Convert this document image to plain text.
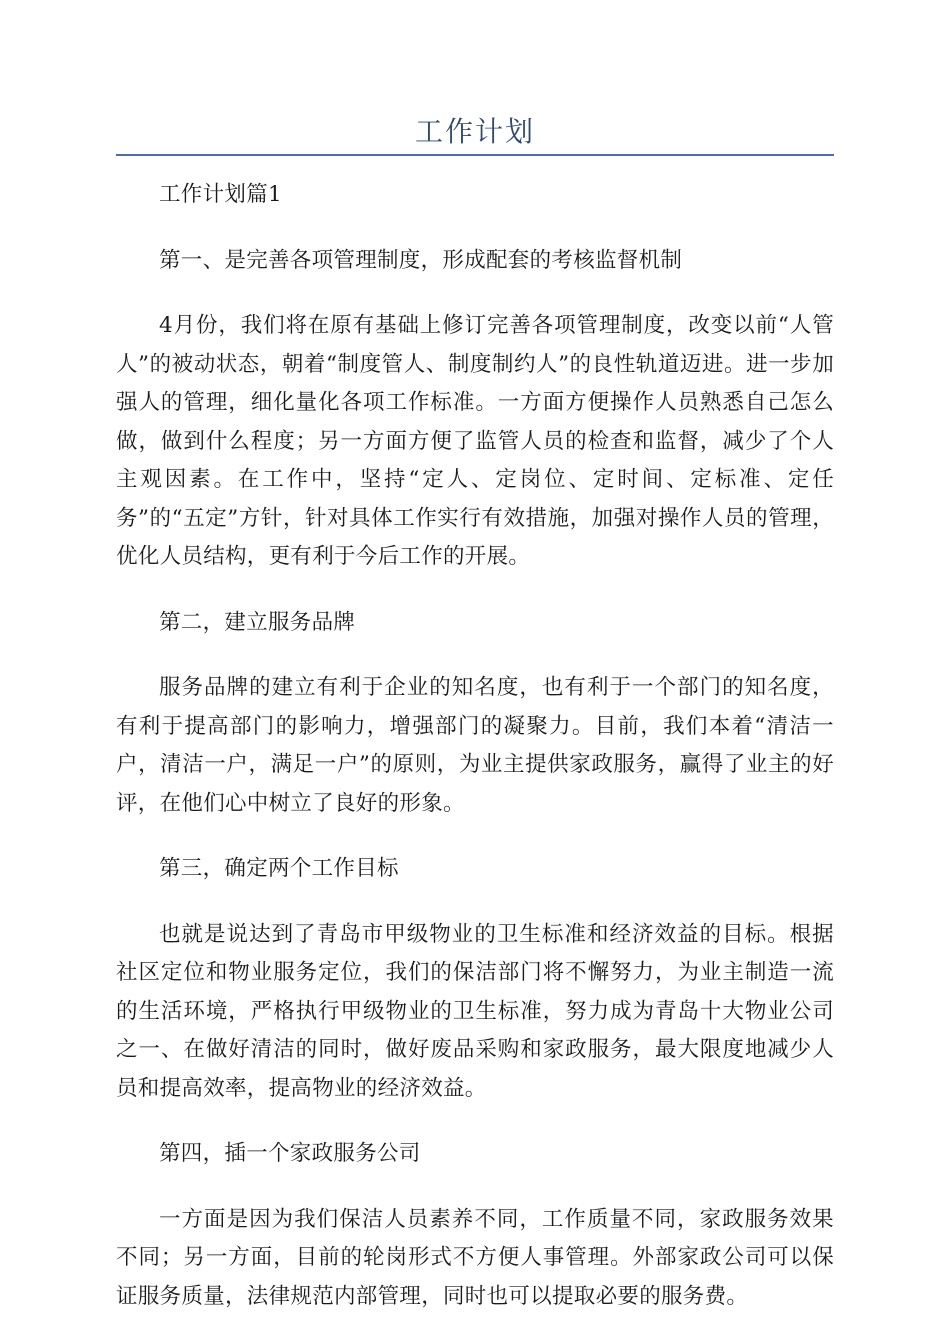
工作计划

工作计划篇1

第一、是完善各项管理制度，形成配套的考核监督机制

4月份，我们将在原有基础上修订完善各项管理制度，改变以前“人管人”的被动状态，朝着“制度管人、制度制约人”的良性轨道迈进。进一步加强人的管理，细化量化各项工作标准。一方面方便操作人员熟悉自己怎么做，做到什么程度；另一方面方便了监管人员的检查和监督，减少了个人主观因素。在工作中，坚持“定人、定岗位、定时间、定标准、定任务”的“五定”方针，针对具体工作实行有效措施，加强对操作人员的管理，优化人员结构，更有利于今后工作的开展。

第二，建立服务品牌

服务品牌的建立有利于企业的知名度，也有利于一个部门的知名度，有利于提高部门的影响力，增强部门的凝聚力。目前，我们本着“清洁一户，清洁一户，满足一户”的原则，为业主提供家政服务，赢得了业主的好评，在他们心中树立了良好的形象。

第三，确定两个工作目标

也就是说达到了青岛市甲级物业的卫生标准和经济效益的目标。根据社区定位和物业服务定位，我们的保洁部门将不懈努力，为业主制造一流的生活环境，严格执行甲级物业的卫生标准，努力成为青岛十大物业公司之一、在做好清洁的同时，做好废品采购和家政服务，最大限度地减少人员和提高效率，提高物业的经济效益。

第四，插一个家政服务公司

一方面是因为我们保洁人员素养不同，工作质量不同，家政服务效果不同；另一方面，目前的轮岗形式不方便人事管理。外部家政公司可以保证服务质量，法律规范内部管理，同时也可以提取必要的服务费。
